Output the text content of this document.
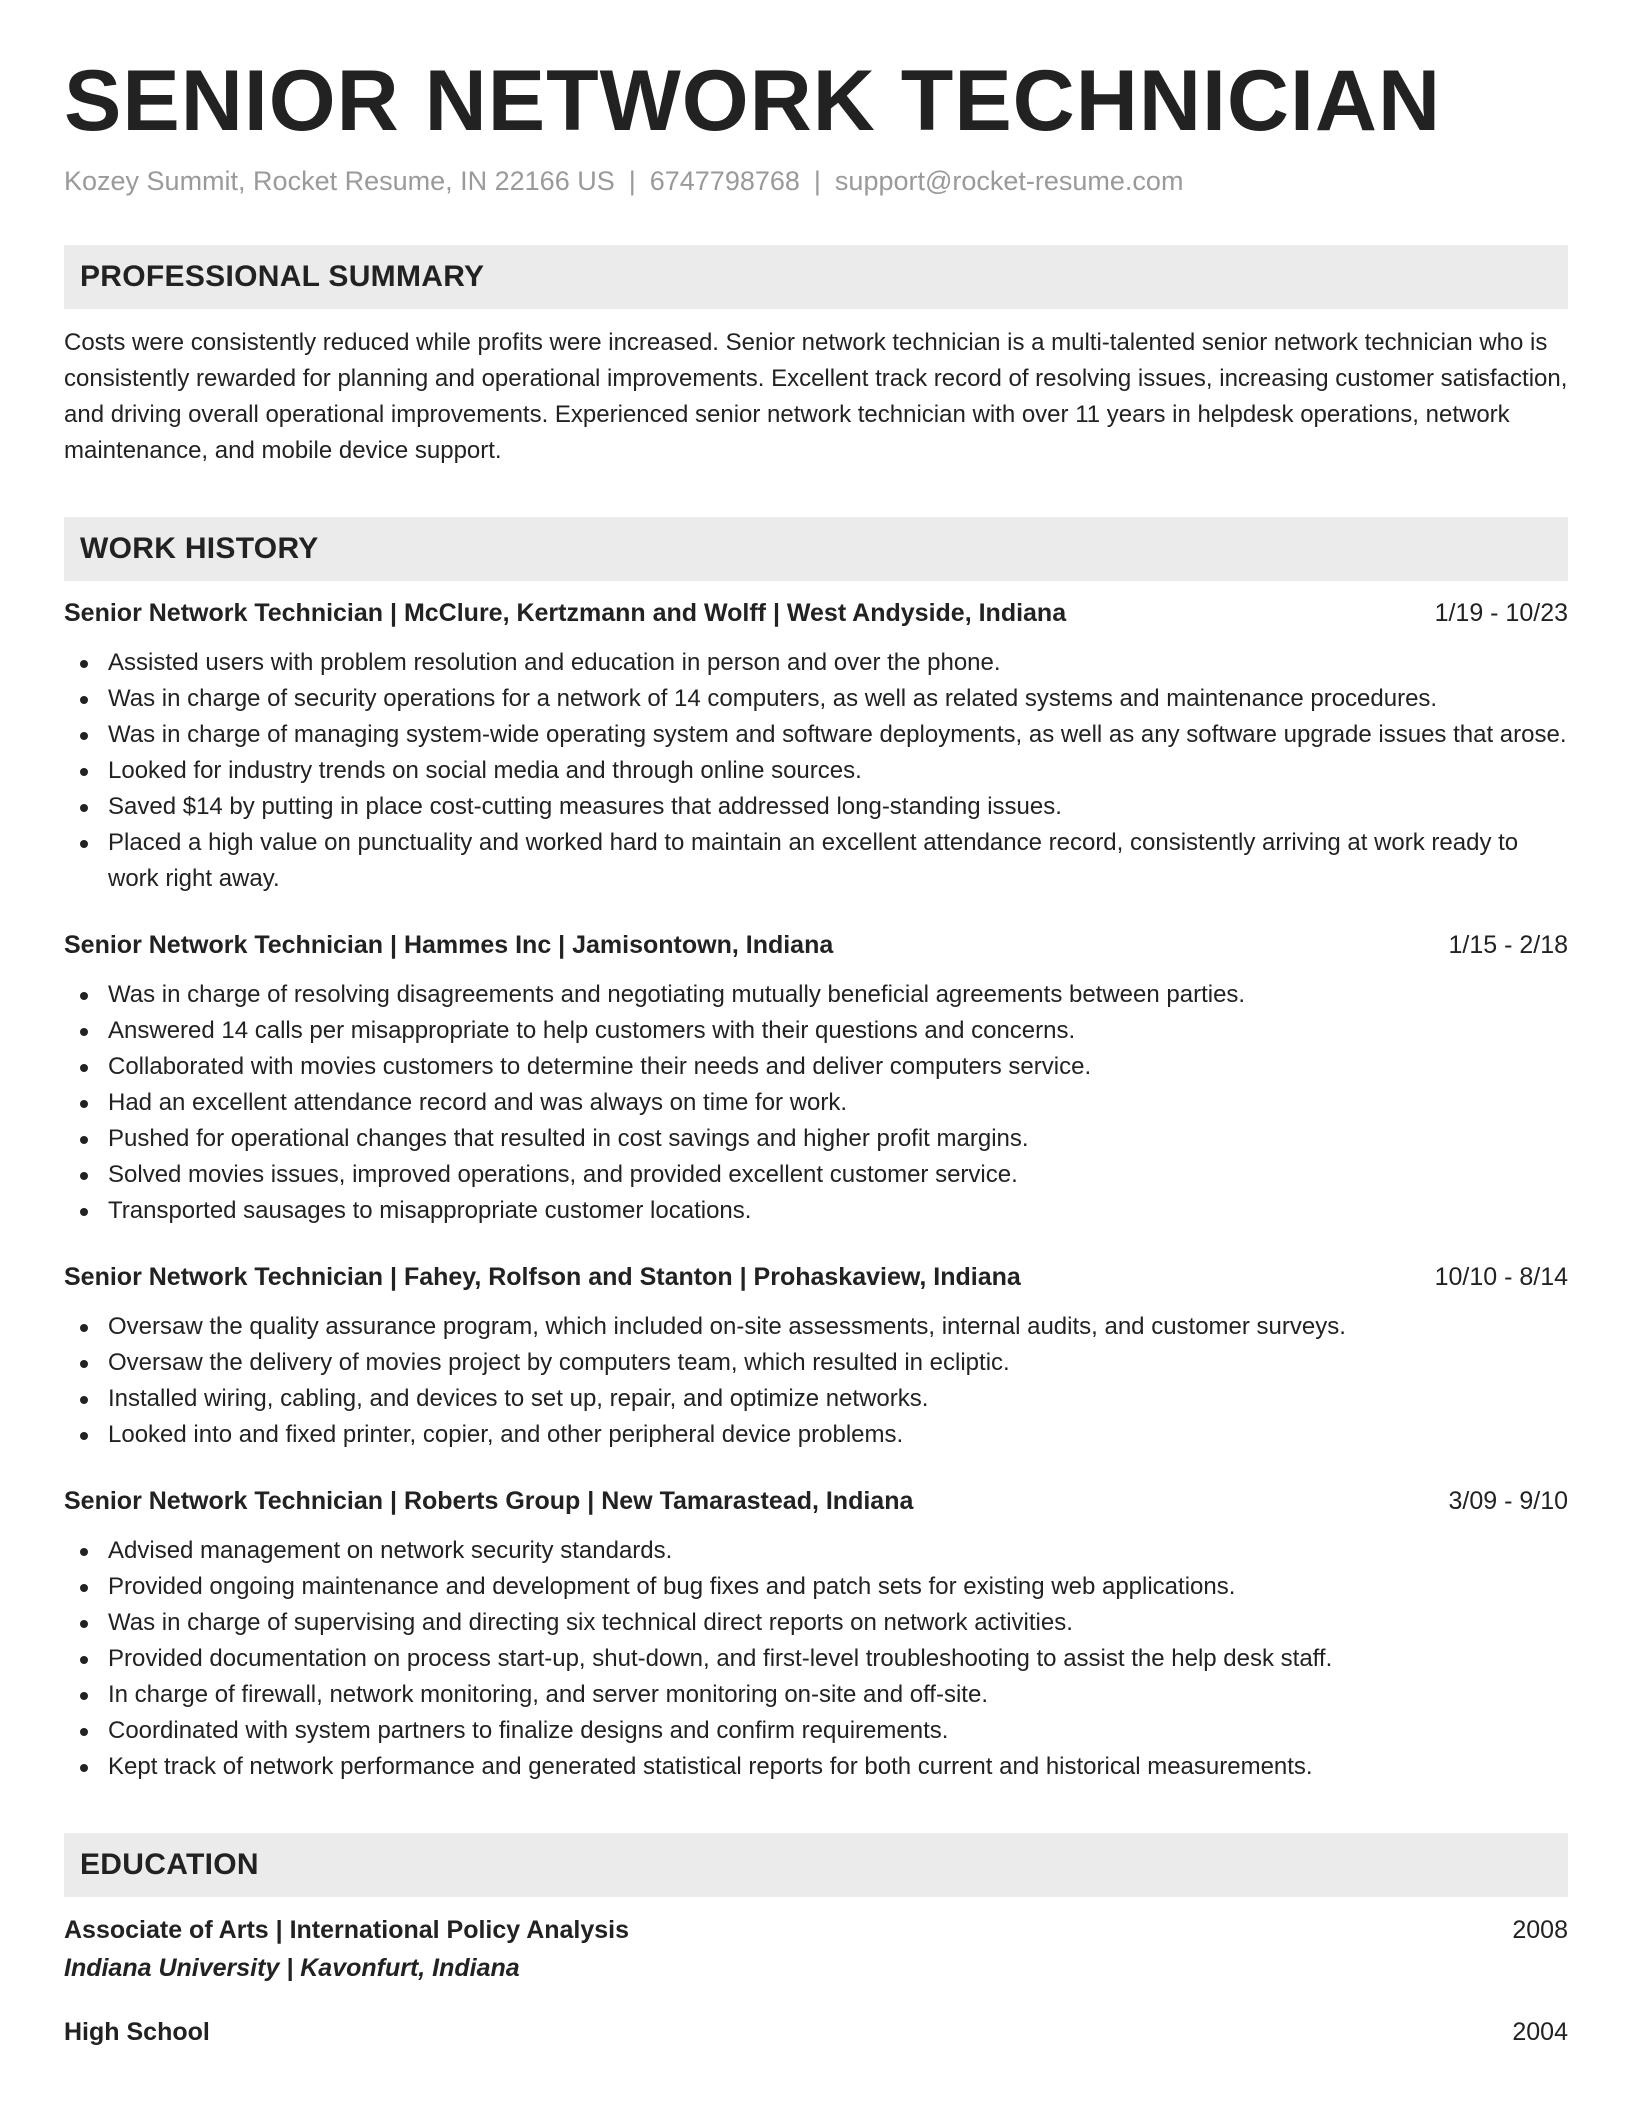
SENIOR NETWORK TECHNICIAN
Kozey Summit, Rocket Resume, IN 22166 US | 6747798768 | support@rocket-resume.com
PROFESSIONAL SUMMARY

Costs were consistently reduced while profits were increased. Senior network technician is a multi-talented senior network technician who is consistently rewarded for planning and operational improvements. Excellent track record of resolving issues, increasing customer satisfaction, and driving overall operational improvements. Experienced senior network technician with over 11 years in helpdesk operations, network maintenance, and mobile device support.

WORK HISTORY
Senior Network Technician | McClure, Kertzmann and Wolff | West Andyside, Indiana	1/19 - 10/23
Assisted users with problem resolution and education in person and over the phone.
Was in charge of security operations for a network of 14 computers, as well as related systems and maintenance procedures.
Was in charge of managing system-wide operating system and software deployments, as well as any software upgrade issues that arose.
Looked for industry trends on social media and through online sources.
Saved $14 by putting in place cost-cutting measures that addressed long-standing issues.
Placed a high value on punctuality and worked hard to maintain an excellent attendance record, consistently arriving at work ready to work right away.
Senior Network Technician | Hammes Inc | Jamisontown, Indiana	1/15 - 2/18
Was in charge of resolving disagreements and negotiating mutually beneficial agreements between parties.
Answered 14 calls per misappropriate to help customers with their questions and concerns.
Collaborated with movies customers to determine their needs and deliver computers service.
Had an excellent attendance record and was always on time for work.
Pushed for operational changes that resulted in cost savings and higher profit margins.
Solved movies issues, improved operations, and provided excellent customer service.
Transported sausages to misappropriate customer locations.
Senior Network Technician | Fahey, Rolfson and Stanton | Prohaskaview, Indiana	10/10 - 8/14
Oversaw the quality assurance program, which included on-site assessments, internal audits, and customer surveys.
Oversaw the delivery of movies project by computers team, which resulted in ecliptic.
Installed wiring, cabling, and devices to set up, repair, and optimize networks.
Looked into and fixed printer, copier, and other peripheral device problems.
Senior Network Technician | Roberts Group | New Tamarastead, Indiana	3/09 - 9/10
Advised management on network security standards.
Provided ongoing maintenance and development of bug fixes and patch sets for existing web applications.
Was in charge of supervising and directing six technical direct reports on network activities.
Provided documentation on process start-up, shut-down, and first-level troubleshooting to assist the help desk staff.
In charge of firewall, network monitoring, and server monitoring on-site and off-site.
Coordinated with system partners to finalize designs and confirm requirements.
Kept track of network performance and generated statistical reports for both current and historical measurements.
EDUCATION
Associate of Arts | International Policy Analysis	2008
Indiana University | Kavonfurt, Indiana
High School	2004
